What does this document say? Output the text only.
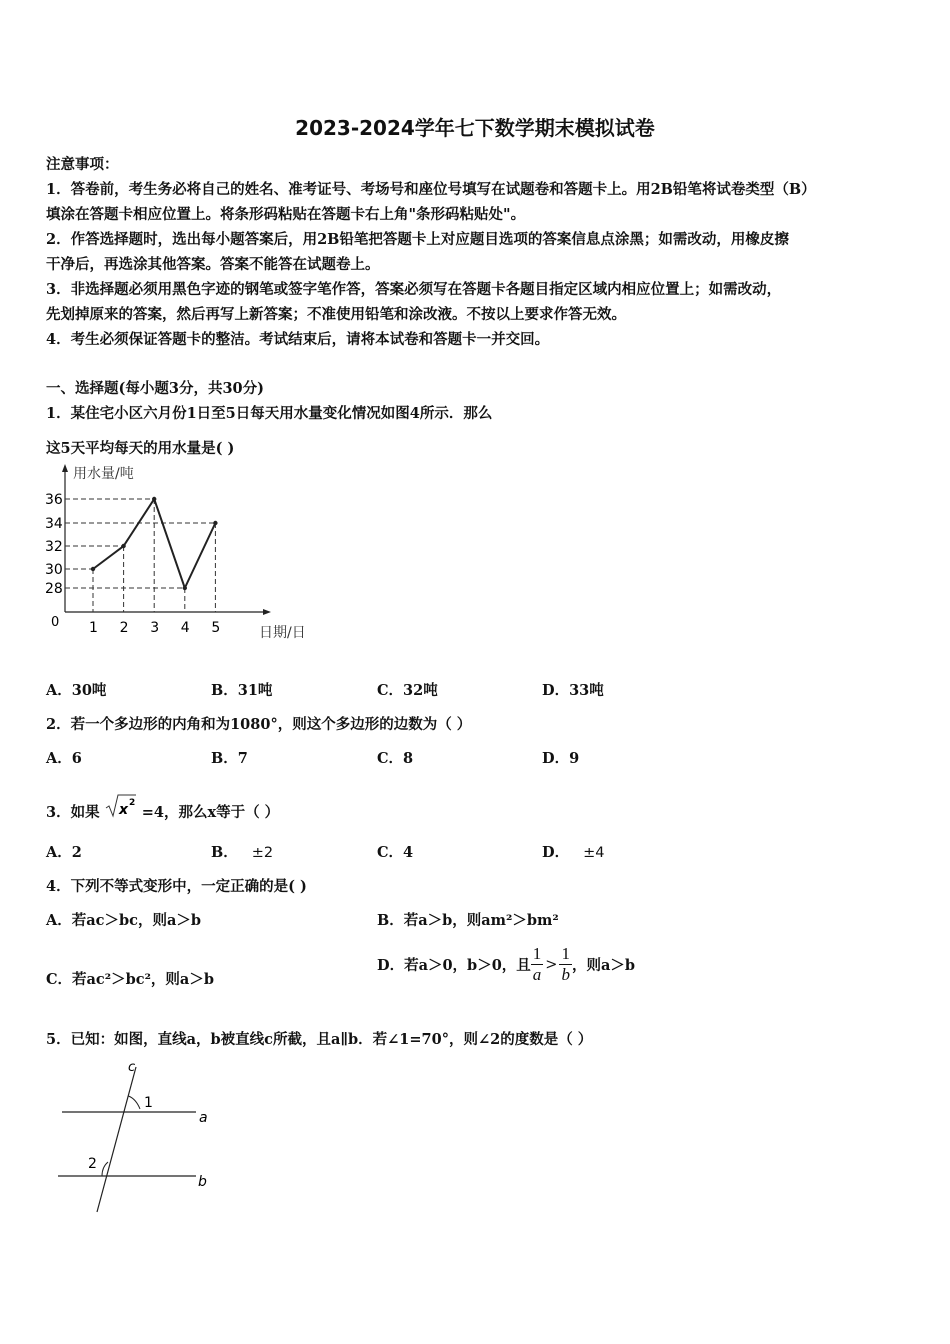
2023-2024学年七下数学期末模拟试卷
注意事项：
1．答卷前，考生务必将自己的姓名、准考证号、考场号和座位号填写在试题卷和答题卡上。用2B铅笔将试卷类型（B）
填涂在答题卡相应位置上。将条形码粘贴在答题卡右上角"条形码粘贴处"。
2．作答选择题时，选出每小题答案后，用2B铅笔把答题卡上对应题目选项的答案信息点涂黑；如需改动，用橡皮擦
干净后，再选涂其他答案。答案不能答在试题卷上。
3．非选择题必须用黑色字迹的钢笔或签字笔作答，答案必须写在答题卡各题目指定区域内相应位置上；如需改动，
先划掉原来的答案，然后再写上新答案；不准使用铅笔和涂改液。不按以上要求作答无效。
4．考生必须保证答题卡的整洁。考试结束后，请将本试卷和答题卡一并交回。
一、选择题(每小题3分，共30分)
1．某住宅小区六月份1日至5日每天用水量变化情况如图4所示．那么
这5天平均每天的用水量是( )
用水量/吨
日期/日
0
28
30
32
34
36
1 2 3 4 5
A．30吨	B．31吨	C．32吨	D．33吨
2．若一个多边形的内角和为1080°，则这个多边形的边数为（ ）
A．6	B．7	C．8	D．9
3．如果 x 2
=4，那么x等于（ ）
A．2	B． ±2	C．4	D． ±4
4．下列不等式变形中，一定正确的是( )
A．若ac＞bc，则a＞b	B．若a＞b，则am²＞bm²
C．若ac²＞bc²，则a＞b
D．若a＞0，b＞0，且 $\frac{1}{a} > \frac{1}{b}$ ，则a＞b
5．已知：如图，直线a，b被直线c所截，且a∥b．若∠1=70°，则∠2的度数是（ ）
c
1
a
2
b
